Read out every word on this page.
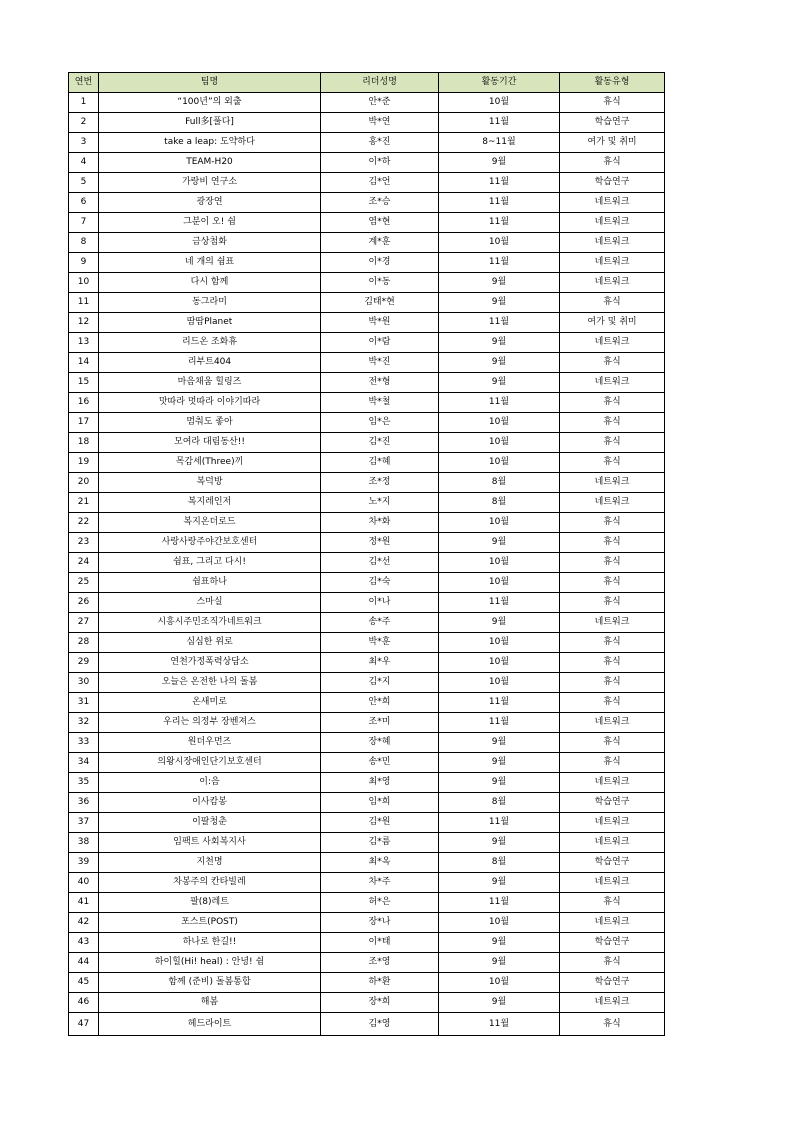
연번	팀명	리더성명	활동기간	활동유형
1	“100년”의 외출	안*준	10월	휴식
2	Full多[풀다]	박*연	11월	학습연구
3	take a leap: 도약하다	홍*진	8~11월	여가 및 취미
4	TEAM-H20	이*하	9월	휴식
5	가랑비 연구소	김*언	11월	학습연구
6	광장연	조*승	11월	네트워크
7	그분이 오! 쉼	염*현	11월	네트워크
8	금상첨화	계*훈	10월	네트워크
9	네 개의 쉼표	이*경	11월	네트워크
10	다시 함께	이*동	9월	네트워크
11	동그라미	김태*현	9월	휴식
12	땀땀Planet	박*원	11월	여가 및 취미
13	리드온 조화휴	이*람	9월	네트워크
14	리부트404	박*진	9월	휴식
15	마음채움 힐링즈	전*형	9월	네트워크
16	맛따라 멋따라 이야기따라	박*철	11월	휴식
17	멈춰도 좋아	임*은	10월	휴식
18	모여라 대림동산!!	김*진	10월	휴식
19	목감세(Three)끼	김*혜	10월	휴식
20	복덕방	조*정	8월	네트워크
21	복지레인저	노*지	8월	네트워크
22	복지온더로드	차*화	10월	휴식
23	사랑사랑주야간보호센터	정*원	9월	휴식
24	쉼표, 그리고 다시!	김*선	10월	휴식
25	쉼표하나	김*숙	10월	휴식
26	스마실	이*나	11월	휴식
27	시흥시주민조직가네트워크	송*주	9월	네트워크
28	심심한 위로	박*훈	10월	휴식
29	연천가정폭력상담소	최*우	10월	휴식
30	오늘은 온전한 나의 돌봄	김*지	10월	휴식
31	온새미로	안*희	11월	휴식
32	우리는 의정부 장벤져스	조*미	11월	네트워크
33	원더우먼즈	장*혜	9월	휴식
34	의왕시장애인단기보호센터	송*민	9월	휴식
35	이:음	최*영	9월	네트워크
36	이사캄봉	임*희	8월	학습연구
37	이팔청춘	김*원	11월	네트워크
38	임팩트 사회복지사	김*름	9월	네트워크
39	지천명	최*옥	8월	학습연구
40	차봉주의 칸타빌레	차*주	9월	네트워크
41	팔(8)레트	허*은	11월	휴식
42	포스트(POST)	장*나	10월	네트워크
43	하나로 한길!!	이*태	9월	학습연구
44	하이힐(Hi! heal) : 안녕! 쉼	조*영	9월	휴식
45	함께 (준비) 돌봄통합	하*환	10월	학습연구
46	해봄	장*희	9월	네트워크
47	헤드라이트	김*영	11월	휴식
